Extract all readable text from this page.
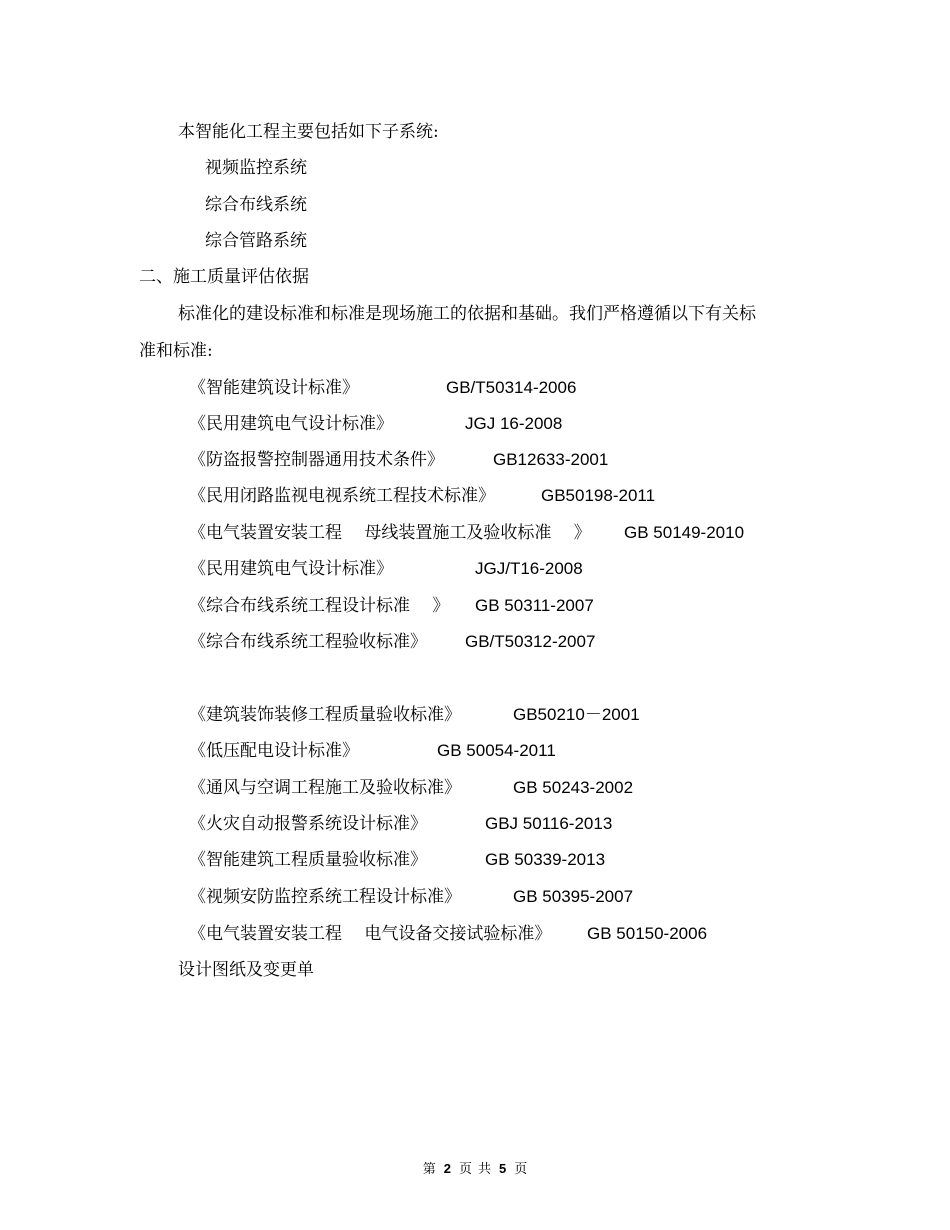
本智能化工程主要包括如下子系统:
视频监控系统
综合布线系统
综合管路系统
二、施工质量评估依据
标准化的建设标准和标准是现场施工的依据和基础。我们严格遵循以下有关标
准和标准:
《智能建筑设计标准》	GB/T50314-2006
《民用建筑电气设计标准》	JGJ 16-2008
《防盗报警控制器通用技术条件》	GB12633-2001
《民用闭路监视电视系统工程技术标准》	GB50198-2011
《电气装置安装工程　 母线装置施工及验收标准　 》 GB 50149-2010
《民用建筑电气设计标准》	JGJ/T16-2008
《综合布线系统工程设计标准　 》 GB 50311-2007
《综合布线系统工程验收标准》 GB/T50312-2007
《建筑装饰装修工程质量验收标准》	GB50210－2001
《低压配电设计标准》	GB 50054-2011
《通风与空调工程施工及验收标准》	GB 50243-2002
《火灾自动报警系统设计标准》	GBJ 50116-2013
《智能建筑工程质量验收标准》	GB 50339-2013
《视频安防监控系统工程设计标准》	GB 50395-2007
《电气装置安装工程　 电气设备交接试验标准》 GB 50150-2006
设计图纸及变更单
第 2 页 共 5 页
